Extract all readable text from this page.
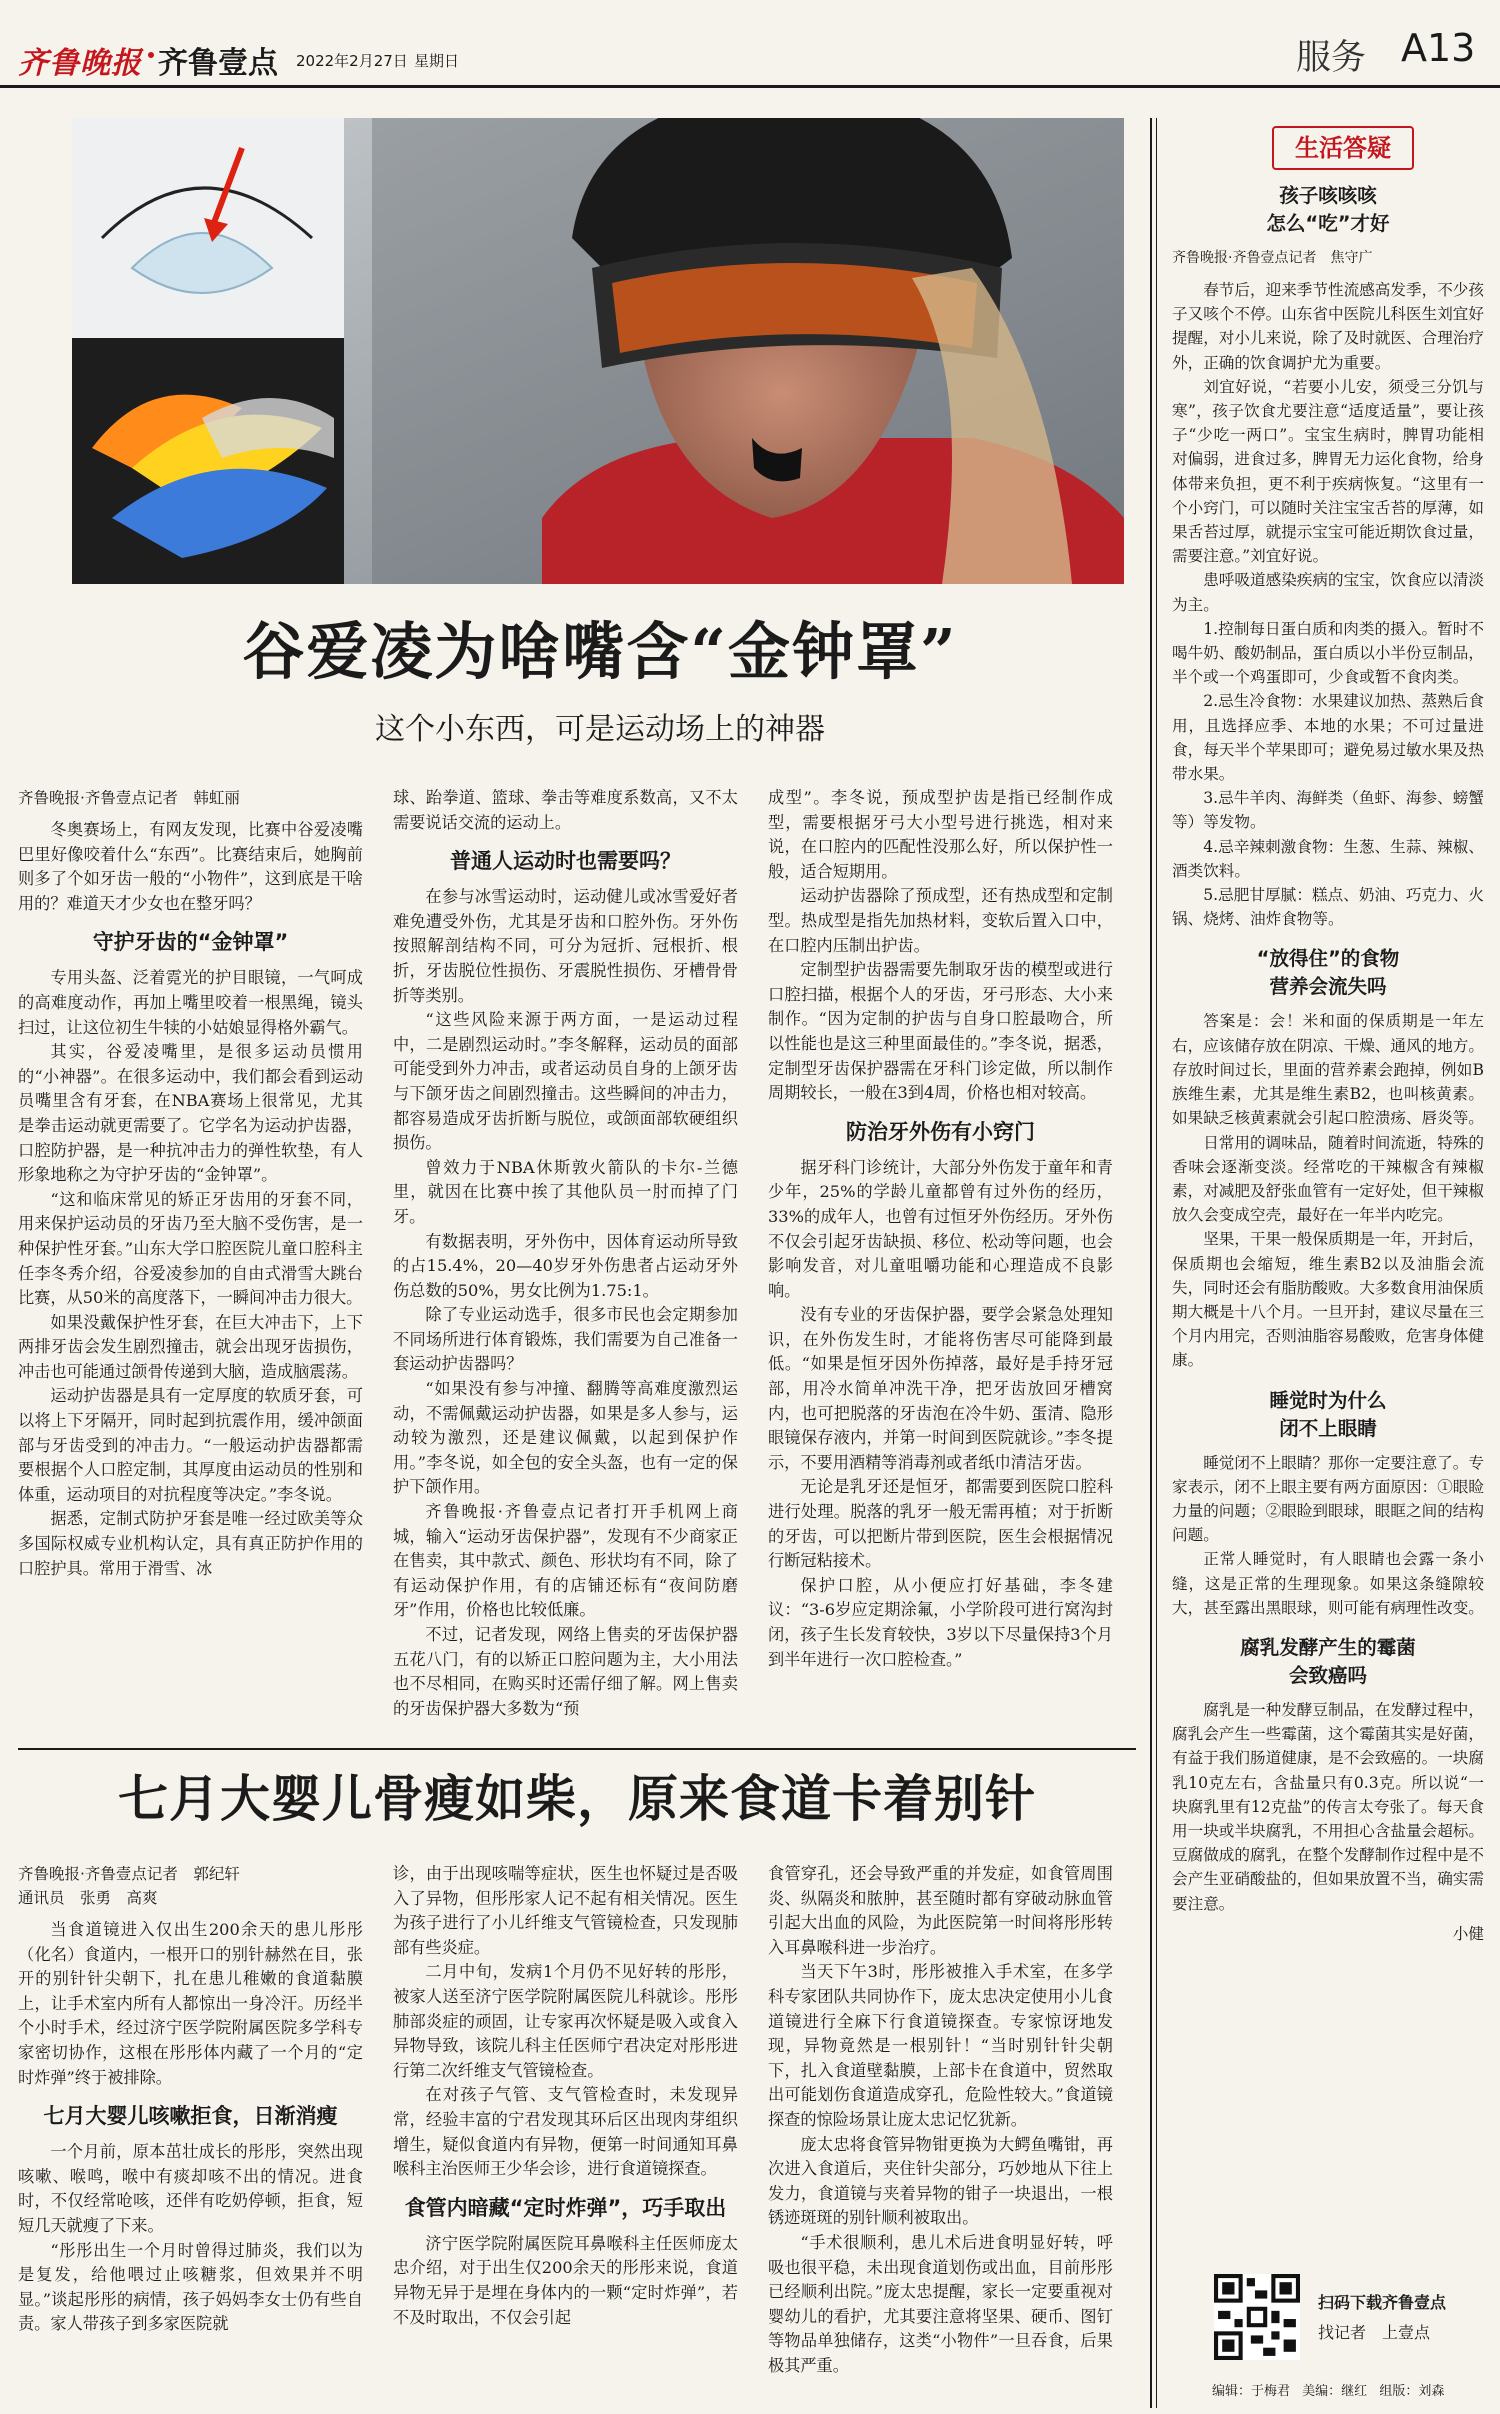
齐鲁晚报 齐鲁壹点 2022年2月27日 星期日	服务 A13
谷爱凌为啥嘴含“金钟罩”
这个小东西，可是运动场上的神器
齐鲁晚报·齐鲁壹点记者　韩虹丽

冬奥赛场上，有网友发现，比赛中谷爱凌嘴巴里好像咬着什么“东西”。比赛结束后，她胸前则多了个如牙齿一般的“小物件”，这到底是干啥用的？难道天才少女也在整牙吗？

守护牙齿的“金钟罩”

专用头盔、泛着霓光的护目眼镜，一气呵成的高难度动作，再加上嘴里咬着一根黑绳，镜头扫过，让这位初生牛犊的小姑娘显得格外霸气。

其实，谷爱凌嘴里，是很多运动员惯用的“小神器”。在很多运动中，我们都会看到运动员嘴里含有牙套，在NBA赛场上很常见，尤其是拳击运动就更需要了。它学名为运动护齿器，口腔防护器，是一种抗冲击力的弹性软垫，有人形象地称之为守护牙齿的“金钟罩”。

“这和临床常见的矫正牙齿用的牙套不同，用来保护运动员的牙齿乃至大脑不受伤害，是一种保护性牙套。”山东大学口腔医院儿童口腔科主任李冬秀介绍，谷爱凌参加的自由式滑雪大跳台比赛，从50米的高度落下，一瞬间冲击力很大。

如果没戴保护性牙套，在巨大冲击下，上下两排牙齿会发生剧烈撞击，就会出现牙齿损伤，冲击也可能通过颌骨传递到大脑，造成脑震荡。

运动护齿器是具有一定厚度的软质牙套，可以将上下牙隔开，同时起到抗震作用，缓冲颌面部与牙齿受到的冲击力。“一般运动护齿器都需要根据个人口腔定制，其厚度由运动员的性别和体重，运动项目的对抗程度等决定。”李冬说。

据悉，定制式防护牙套是唯一经过欧美等众多国际权威专业机构认定，具有真正防护作用的口腔护具。常用于滑雪、冰

球、跆拳道、篮球、拳击等难度系数高，又不太需要说话交流的运动上。

普通人运动时也需要吗？

在参与冰雪运动时，运动健儿或冰雪爱好者难免遭受外伤，尤其是牙齿和口腔外伤。牙外伤按照解剖结构不同，可分为冠折、冠根折、根折，牙齿脱位性损伤、牙震脱性损伤、牙槽骨骨折等类别。

“这些风险来源于两方面，一是运动过程中，二是剧烈运动时。”李冬解释，运动员的面部可能受到外力冲击，或者运动员自身的上颌牙齿与下颌牙齿之间剧烈撞击。这些瞬间的冲击力，都容易造成牙齿折断与脱位，或颌面部软硬组织损伤。

曾效力于NBA休斯敦火箭队的卡尔-兰德里，就因在比赛中挨了其他队员一肘而掉了门牙。

有数据表明，牙外伤中，因体育运动所导致的占15.4%，20—40岁牙外伤患者占运动牙外伤总数的50%，男女比例为1.75:1。

除了专业运动选手，很多市民也会定期参加不同场所进行体育锻炼，我们需要为自己准备一套运动护齿器吗？

“如果没有参与冲撞、翻腾等高难度激烈运动，不需佩戴运动护齿器，如果是多人参与，运动较为激烈，还是建议佩戴，以起到保护作用。”李冬说，如全包的安全头盔，也有一定的保护下颌作用。

齐鲁晚报·齐鲁壹点记者打开手机网上商城，输入“运动牙齿保护器”，发现有不少商家正在售卖，其中款式、颜色、形状均有不同，除了有运动保护作用，有的店铺还标有“夜间防磨牙”作用，价格也比较低廉。

不过，记者发现，网络上售卖的牙齿保护器五花八门，有的以矫正口腔问题为主，大小用法也不尽相同，在购买时还需仔细了解。网上售卖的牙齿保护器大多数为“预

成型”。李冬说，预成型护齿是指已经制作成型，需要根据牙弓大小型号进行挑选，相对来说，在口腔内的匹配性没那么好，所以保护性一般，适合短期用。

运动护齿器除了预成型，还有热成型和定制型。热成型是指先加热材料，变软后置入口中，在口腔内压制出护齿。

定制型护齿器需要先制取牙齿的模型或进行口腔扫描，根据个人的牙齿，牙弓形态、大小来制作。“因为定制的护齿与自身口腔最吻合，所以性能也是这三种里面最佳的。”李冬说，据悉，定制型牙齿保护器需在牙科门诊定做，所以制作周期较长，一般在3到4周，价格也相对较高。

防治牙外伤有小窍门

据牙科门诊统计，大部分外伤发于童年和青少年，25%的学龄儿童都曾有过外伤的经历，33%的成年人，也曾有过恒牙外伤经历。牙外伤不仅会引起牙齿缺损、移位、松动等问题，也会影响发音，对儿童咀嚼功能和心理造成不良影响。

没有专业的牙齿保护器，要学会紧急处理知识，在外伤发生时，才能将伤害尽可能降到最低。“如果是恒牙因外伤掉落，最好是手持牙冠部，用冷水简单冲洗干净，把牙齿放回牙槽窝内，也可把脱落的牙齿泡在冷牛奶、蛋清、隐形眼镜保存液内，并第一时间到医院就诊。”李冬提示，不要用酒精等消毒剂或者纸巾清洁牙齿。

无论是乳牙还是恒牙，都需要到医院口腔科进行处理。脱落的乳牙一般无需再植；对于折断的牙齿，可以把断片带到医院，医生会根据情况行断冠粘接术。

保护口腔，从小便应打好基础，李冬建议：“3-6岁应定期涂氟，小学阶段可进行窝沟封闭，孩子生长发育较快，3岁以下尽量保持3个月到半年进行一次口腔检查。”

七月大婴儿骨瘦如柴，原来食道卡着别针
齐鲁晚报·齐鲁壹点记者　郭纪轩
通讯员　张勇　高爽

当食道镜进入仅出生200余天的患儿彤彤（化名）食道内，一根开口的别针赫然在目，张开的别针针尖朝下，扎在患儿稚嫩的食道黏膜上，让手术室内所有人都惊出一身冷汗。历经半个小时手术，经过济宁医学院附属医院多学科专家密切协作，这根在彤彤体内藏了一个月的“定时炸弹”终于被排除。

七月大婴儿咳嗽拒食，日渐消瘦

一个月前，原本茁壮成长的彤彤，突然出现咳嗽、喉鸣，喉中有痰却咳不出的情况。进食时，不仅经常呛咳，还伴有吃奶停顿，拒食，短短几天就瘦了下来。

“彤彤出生一个月时曾得过肺炎，我们以为是复发，给他喂过止咳糖浆，但效果并不明显。”谈起彤彤的病情，孩子妈妈李女士仍有些自责。家人带孩子到多家医院就

诊，由于出现咳喘等症状，医生也怀疑过是否吸入了异物，但彤彤家人记不起有相关情况。医生为孩子进行了小儿纤维支气管镜检查，只发现肺部有些炎症。

二月中旬，发病1个月仍不见好转的彤彤，被家人送至济宁医学院附属医院儿科就诊。彤彤肺部炎症的顽固，让专家再次怀疑是吸入或食入异物导致，该院儿科主任医师宁君决定对彤彤进行第二次纤维支气管镜检查。

在对孩子气管、支气管检查时，未发现异常，经验丰富的宁君发现其环后区出现肉芽组织增生，疑似食道内有异物，便第一时间通知耳鼻喉科主治医师王少华会诊，进行食道镜探查。

食管内暗藏“定时炸弹”，巧手取出

济宁医学院附属医院耳鼻喉科主任医师庞太忠介绍，对于出生仅200余天的彤彤来说，食道异物无异于是埋在身体内的一颗“定时炸弹”，若不及时取出，不仅会引起

食管穿孔，还会导致严重的并发症，如食管周围炎、纵隔炎和脓肿，甚至随时都有穿破动脉血管引起大出血的风险，为此医院第一时间将彤彤转入耳鼻喉科进一步治疗。

当天下午3时，彤彤被推入手术室，在多学科专家团队共同协作下，庞太忠决定使用小儿食道镜进行全麻下行食道镜探查。专家惊讶地发现，异物竟然是一根别针！“当时别针针尖朝下，扎入食道壁黏膜，上部卡在食道中，贸然取出可能划伤食道造成穿孔，危险性较大。”食道镜探查的惊险场景让庞太忠记忆犹新。

庞太忠将食管异物钳更换为大鳄鱼嘴钳，再次进入食道后，夹住针尖部分，巧妙地从下往上发力，食道镜与夹着异物的钳子一块退出，一根锈迹斑斑的别针顺利被取出。

“手术很顺利，患儿术后进食明显好转，呼吸也很平稳，未出现食道划伤或出血，目前彤彤已经顺利出院。”庞太忠提醒，家长一定要重视对婴幼儿的看护，尤其要注意将坚果、硬币、图钉等物品单独储存，这类“小物件”一旦吞食，后果极其严重。

生活答疑
孩子咳咳咳
怎么“吃”才好
齐鲁晚报·齐鲁壹点记者　焦守广

春节后，迎来季节性流感高发季，不少孩子又咳个不停。山东省中医院儿科医生刘宜好提醒，对小儿来说，除了及时就医、合理治疗外，正确的饮食调护尤为重要。

刘宜好说，“若要小儿安，须受三分饥与寒”，孩子饮食尤要注意“适度适量”，要让孩子“少吃一两口”。宝宝生病时，脾胃功能相对偏弱，进食过多，脾胃无力运化食物，给身体带来负担，更不利于疾病恢复。“这里有一个小窍门，可以随时关注宝宝舌苔的厚薄，如果舌苔过厚，就提示宝宝可能近期饮食过量，需要注意。”刘宜好说。

患呼吸道感染疾病的宝宝，饮食应以清淡为主。

1.控制每日蛋白质和肉类的摄入。暂时不喝牛奶、酸奶制品，蛋白质以小半份豆制品，半个或一个鸡蛋即可，少食或暂不食肉类。

2.忌生冷食物：水果建议加热、蒸熟后食用，且选择应季、本地的水果；不可过量进食，每天半个苹果即可；避免易过敏水果及热带水果。

3.忌牛羊肉、海鲜类（鱼虾、海参、螃蟹等）等发物。

4.忌辛辣刺激食物：生葱、生蒜、辣椒、酒类饮料。

5.忌肥甘厚腻：糕点、奶油、巧克力、火锅、烧烤、油炸食物等。

“放得住”的食物
营养会流失吗

答案是：会！米和面的保质期是一年左右，应该储存放在阴凉、干燥、通风的地方。存放时间过长，里面的营养素会跑掉，例如B族维生素，尤其是维生素B2，也叫核黄素。如果缺乏核黄素就会引起口腔溃疡、唇炎等。

日常用的调味品，随着时间流逝，特殊的香味会逐渐变淡。经常吃的干辣椒含有辣椒素，对减肥及舒张血管有一定好处，但干辣椒放久会变成空壳，最好在一年半内吃完。

坚果，干果一般保质期是一年，开封后，保质期也会缩短，维生素B2以及油脂会流失，同时还会有脂肪酸败。大多数食用油保质期大概是十八个月。一旦开封，建议尽量在三个月内用完，否则油脂容易酸败，危害身体健康。

睡觉时为什么
闭不上眼睛

睡觉闭不上眼睛？那你一定要注意了。专家表示，闭不上眼主要有两方面原因：①眼睑力量的问题；②眼睑到眼球，眼眶之间的结构问题。

正常人睡觉时，有人眼睛也会露一条小缝，这是正常的生理现象。如果这条缝隙较大，甚至露出黑眼球，则可能有病理性改变。

腐乳发酵产生的霉菌
会致癌吗

腐乳是一种发酵豆制品，在发酵过程中，腐乳会产生一些霉菌，这个霉菌其实是好菌，有益于我们肠道健康，是不会致癌的。一块腐乳10克左右，含盐量只有0.3克。所以说“一块腐乳里有12克盐”的传言太夸张了。每天食用一块或半块腐乳，不用担心含盐量会超标。豆腐做成的腐乳，在整个发酵制作过程中是不会产生亚硝酸盐的，但如果放置不当，确实需要注意。

小健

扫码下载齐鲁壹点
找记者　上壹点
编辑：于梅君 美编：继红 组版：刘森
